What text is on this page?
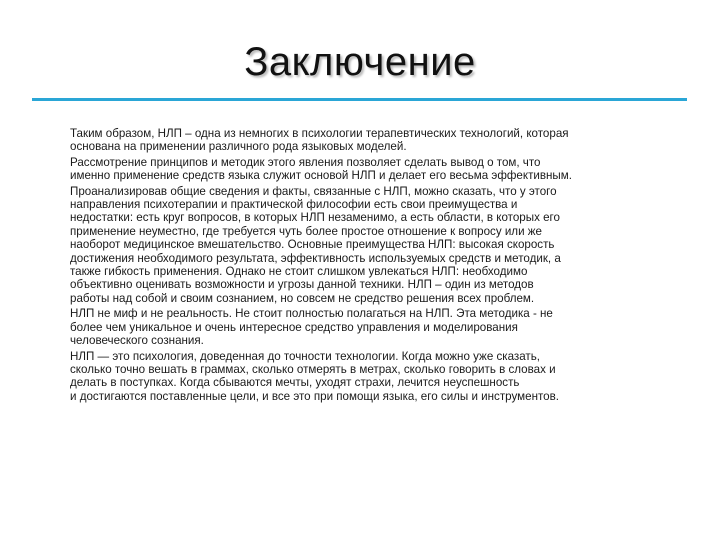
Заключение

Таким образом, НЛП – одна из немногих в психологии терапевтических технологий, которая
основана на применении различного рода языковых моделей.

Рассмотрение принципов и методик этого явления позволяет сделать вывод о том, что
именно применение средств языка служит основой НЛП и делает его весьма эффективным.

Проанализировав общие сведения и факты, связанные с НЛП, можно сказать, что у этого
направления психотерапии и практической философии есть свои преимущества и
недостатки: есть круг вопросов, в которых НЛП незаменимо, а есть области, в которых его
применение неуместно, где требуется чуть более простое отношение к вопросу или же
наоборот медицинское вмешательство. Основные преимущества НЛП: высокая скорость
достижения необходимого результата, эффективность используемых средств и методик, а
также гибкость применения. Однако не стоит слишком увлекаться НЛП: необходимо
объективно оценивать возможности и угрозы данной техники. НЛП – один из методов
работы над собой и своим сознанием, но совсем не средство решения всех проблем.

НЛП не миф и не реальность. Не стоит полностью полагаться на НЛП. Эта методика - не
более чем уникальное и очень интересное средство управления и моделирования
человеческого сознания.

НЛП — это психология, доведенная до точности технологии. Когда можно уже сказать,
сколько точно вешать в граммах, сколько отмерять в метрах, сколько говорить в словах и
делать в поступках. Когда сбываются мечты, уходят страхи, лечится неуспешность
и достигаются поставленные цели, и все это при помощи языка, его силы и инструментов.
